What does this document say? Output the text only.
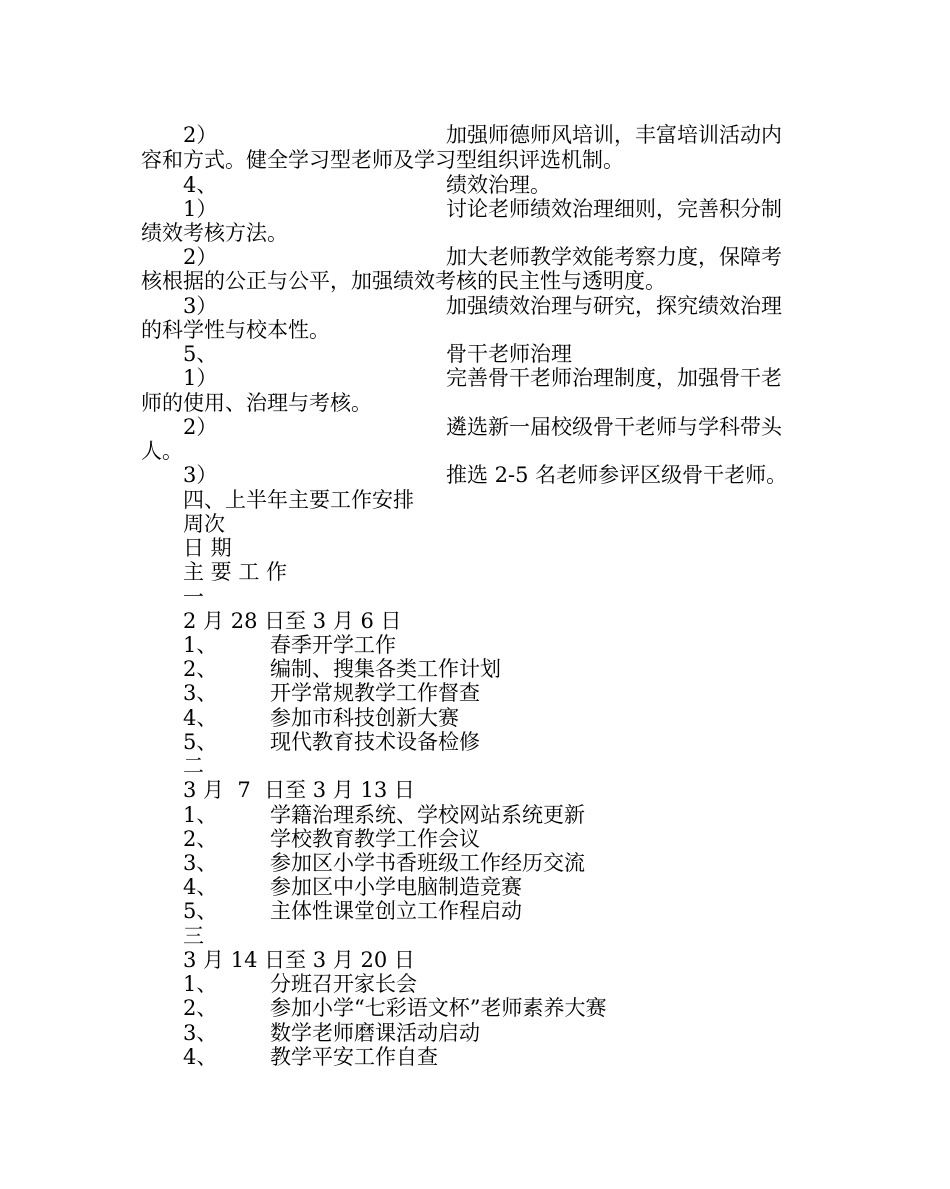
2）	加强师德师风培训，丰富培训活动内
容和方式。健全学习型老师及学习型组织评选机制。
4、	绩效治理。
1）	讨论老师绩效治理细则，完善积分制
绩效考核方法。
2）	加大老师教学效能考察力度，保障考
核根据的公正与公平，加强绩效考核的民主性与透明度。
3）	加强绩效治理与研究，探究绩效治理
的科学性与校本性。
5、	骨干老师治理
1）	完善骨干老师治理制度，加强骨干老
师的使用、治理与考核。
2）	遴选新一届校级骨干老师与学科带头
人。
3）	推选 2-5 名老师参评区级骨干老师。
四、上半年主要工作安排
周次
日 期
主 要 工 作
一
2 月 28 日至 3 月 6 日
1、	春季开学工作
2、	编制、搜集各类工作计划
3、	开学常规教学工作督查
4、	参加市科技创新大赛
5、	现代教育技术设备检修
二
3 月  7  日至 3 月 13 日
1、	学籍治理系统、学校网站系统更新
2、	学校教育教学工作会议
3、	参加区小学书香班级工作经历交流
4、	参加区中小学电脑制造竞赛
5、	主体性课堂创立工作程启动
三
3 月 14 日至 3 月 20 日
1、	分班召开家长会
2、	参加小学“七彩语文杯”老师素养大赛
3、	数学老师磨课活动启动
4、	教学平安工作自查
